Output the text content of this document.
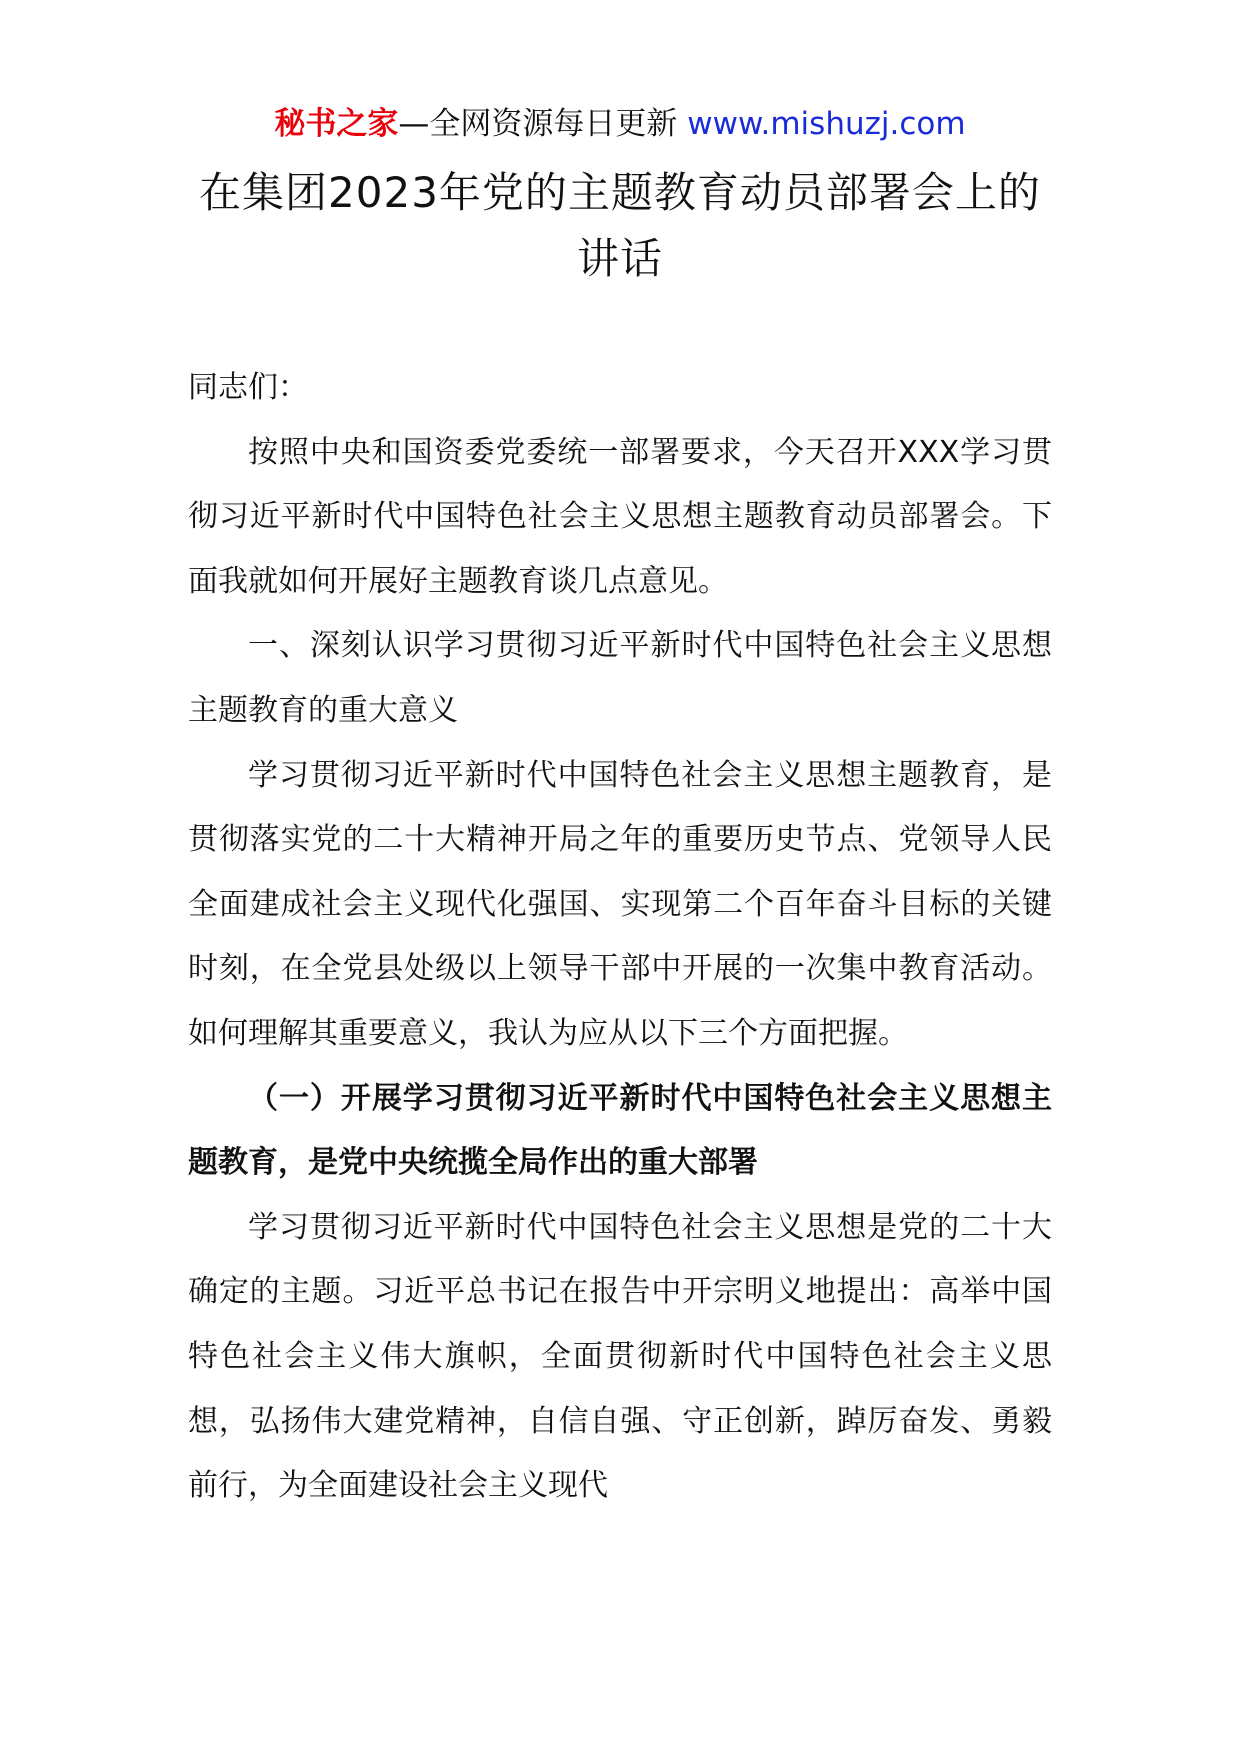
秘书之家—全网资源每日更新 www.mishuzj.com
在集团2023年党的主题教育动员部署会上的讲话

同志们：

按照中央和国资委党委统一部署要求，今天召开XXX学习贯彻习近平新时代中国特色社会主义思想主题教育动员部署会。下面我就如何开展好主题教育谈几点意见。

一、深刻认识学习贯彻习近平新时代中国特色社会主义思想主题教育的重大意义

学习贯彻习近平新时代中国特色社会主义思想主题教育，是贯彻落实党的二十大精神开局之年的重要历史节点、党领导人民全面建成社会主义现代化强国、实现第二个百年奋斗目标的关键时刻，在全党县处级以上领导干部中开展的一次集中教育活动。如何理解其重要意义，我认为应从以下三个方面把握。

（一）开展学习贯彻习近平新时代中国特色社会主义思想主题教育，是党中央统揽全局作出的重大部署

学习贯彻习近平新时代中国特色社会主义思想是党的二十大确定的主题。习近平总书记在报告中开宗明义地提出：高举中国特色社会主义伟大旗帜，全面贯彻新时代中国特色社会主义思想，弘扬伟大建党精神，自信自强、守正创新，踔厉奋发、勇毅前行，为全面建设社会主义现代
